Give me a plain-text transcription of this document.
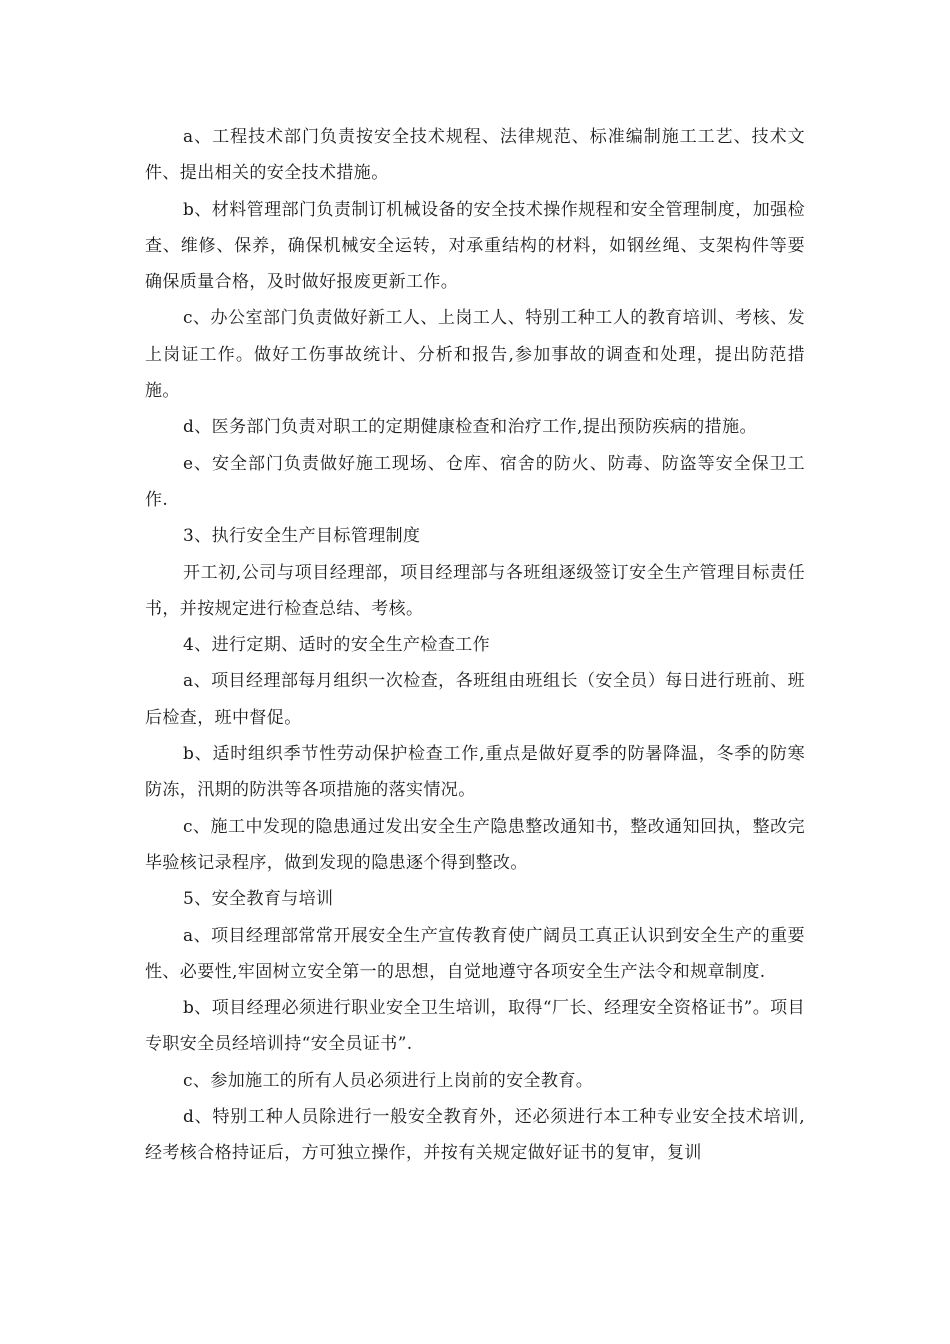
a、工程技术部门负责按安全技术规程、法律规范、标准编制施工工艺、技术文件、提出相关的安全技术措施。

b、材料管理部门负责制订机械设备的安全技术操作规程和安全管理制度，加强检查、维修、保养，确保机械安全运转，对承重结构的材料，如钢丝绳、支架构件等要确保质量合格，及时做好报废更新工作。

c、办公室部门负责做好新工人、上岗工人、特别工种工人的教育培训、考核、发上岗证工作。做好工伤事故统计、分析和报告,参加事故的调查和处理，提出防范措施。

d、医务部门负责对职工的定期健康检查和治疗工作,提出预防疾病的措施。

e、安全部门负责做好施工现场、仓库、宿舍的防火、防毒、防盗等安全保卫工作.

3、执行安全生产目标管理制度

开工初,公司与项目经理部，项目经理部与各班组逐级签订安全生产管理目标责任书，并按规定进行检查总结、考核。

4、进行定期、适时的安全生产检查工作

a、项目经理部每月组织一次检查，各班组由班组长（安全员）每日进行班前、班后检查，班中督促。

b、适时组织季节性劳动保护检查工作,重点是做好夏季的防暑降温，冬季的防寒防冻，汛期的防洪等各项措施的落实情况。

c、施工中发现的隐患通过发出安全生产隐患整改通知书，整改通知回执，整改完毕验核记录程序，做到发现的隐患逐个得到整改。

5、安全教育与培训

a、项目经理部常常开展安全生产宣传教育使广阔员工真正认识到安全生产的重要性、必要性,牢固树立安全第一的思想，自觉地遵守各项安全生产法令和规章制度.

b、项目经理必须进行职业安全卫生培训，取得“厂长、经理安全资格证书”。项目专职安全员经培训持“安全员证书”.

c、参加施工的所有人员必须进行上岗前的安全教育。

d、特别工种人员除进行一般安全教育外，还必须进行本工种专业安全技术培训,经考核合格持证后，方可独立操作，并按有关规定做好证书的复审，复训
